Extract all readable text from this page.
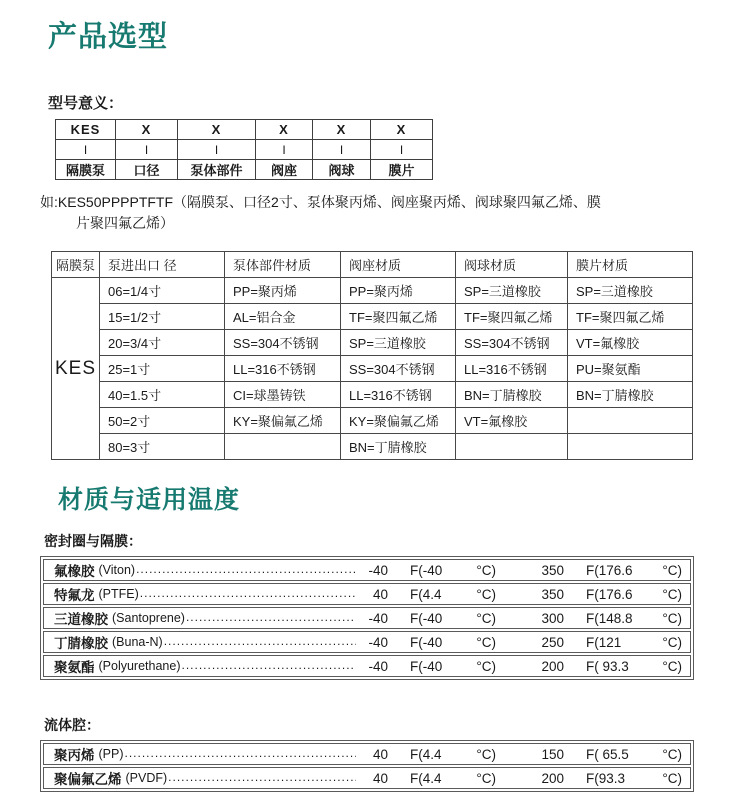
产品选型
型号意义：
KES	X	X	X	X	X
I	I	I	I	I	I
隔膜泵	口径	泵体部件	阀座	阀球	膜片
如:KES50PPPPTFTF（隔膜泵、口径2寸、泵体聚丙烯、阀座聚丙烯、阀球聚四氟乙烯、膜
片聚四氟乙烯）
隔膜泵	泵进出口 径	泵体部件材质	阀座材质	阀球材质	膜片材质
KES	06=1/4寸	PP=聚丙烯	PP=聚丙烯	SP=三道橡胶	SP=三道橡胶
	15=1/2寸	AL=铝合金	TF=聚四氟乙烯	TF=聚四氟乙烯	TF=聚四氟乙烯
	20=3/4寸	SS=304不锈钢	SP=三道橡胶	SS=304不锈钢	VT=氟橡胶
	25=1寸	LL=316不锈钢	SS=304不锈钢	LL=316不锈钢	PU=聚氨酯
	40=1.5寸	CI=球墨铸铁	LL=316不锈钢	BN=丁腈橡胶	BN=丁腈橡胶
	50=2寸	KY=聚偏氟乙烯	KY=聚偏氟乙烯	VT=氟橡胶	
	80=3寸		BN=丁腈橡胶		
材质与适用温度
密封圈与隔膜：
氟橡胶 (Viton) .....	-40 F(-40	°C)	350 F(176.6 °C)
特氟龙 (PTFE) .....	40 F(4.4	°C)	350 F(176.6 °C)
三道橡胶 (Santoprene) .....	-40 F(-40	°C)	300 F(148.8 °C)
丁腈橡胶 (Buna-N) .....	-40 F(-40	°C)	250 F(121	°C)
聚氨酯 (Polyurethane) .....	-40 F(-40	°C)	200 F( 93.3 °C)
流体腔：
聚丙烯 (PP) .....	40 F(4.4	°C)	150 F( 65.5 °C)
聚偏氟乙烯 (PVDF) .....	40 F(4.4	°C)	200 F(93.3	°C)
